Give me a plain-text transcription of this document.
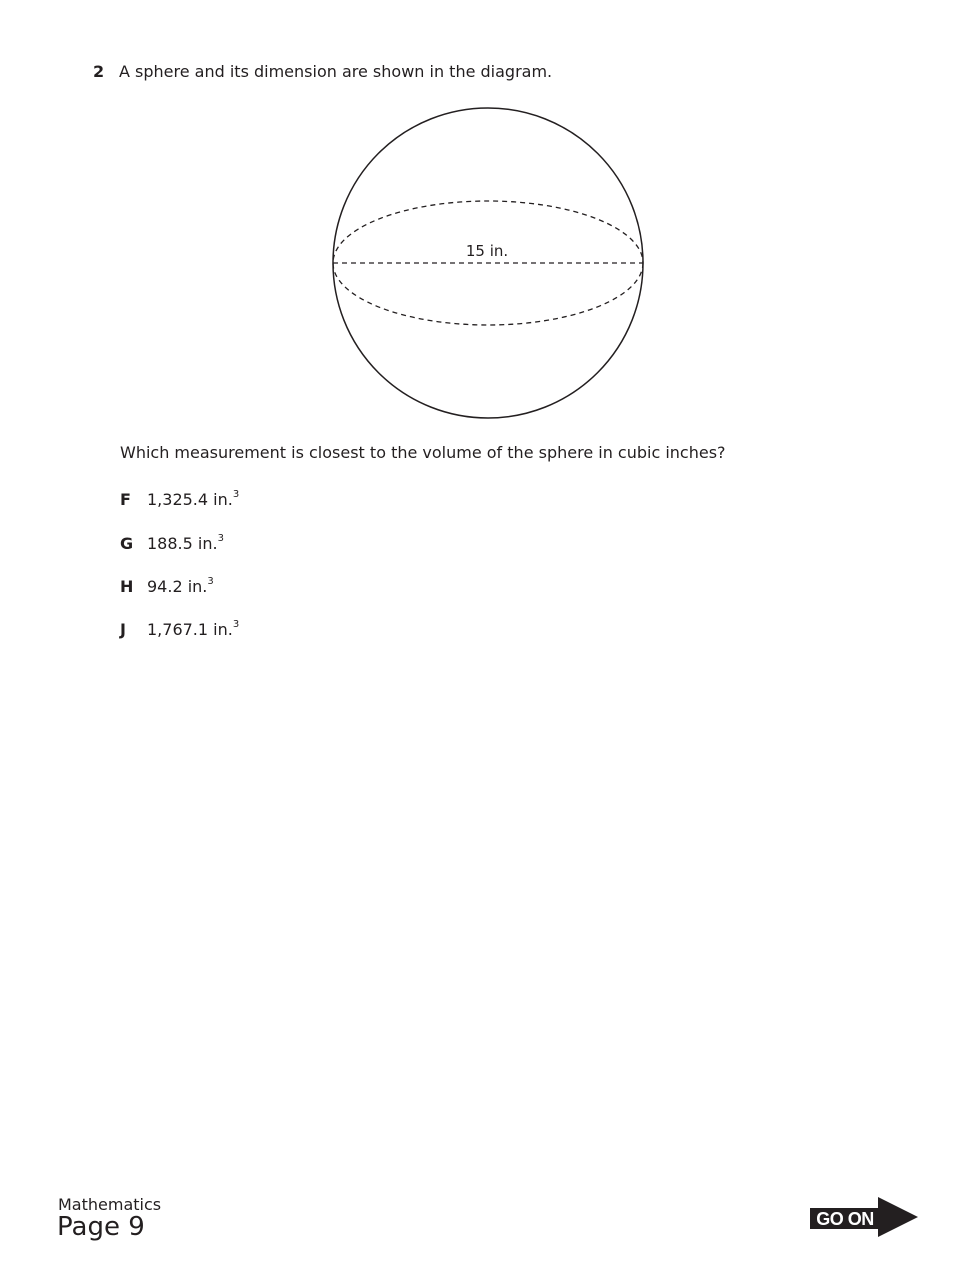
2 A sphere and its dimension are shown in the diagram.
15 in.
Which measurement is closest to the volume of the sphere in cubic inches?
F 1,325.4 in.$^3$
G 188.5 in.$^3$
H 94.2 in.$^3$
J 1,767.1 in.$^3$
Mathematics
Page 9	GO ON
